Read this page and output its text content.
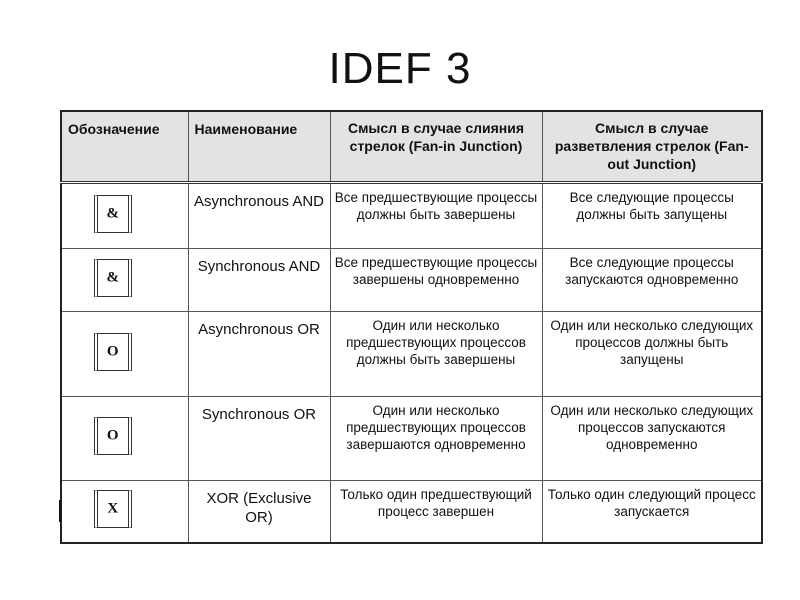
IDEF 3
Обозначение	Наименование	Смысл в случае слияния стрелок (Fan-in Junction)	Смысл в случае разветвления стрелок (Fan-out Junction)

&	Asynchronous AND	Все предшествующие процессы должны быть завершены	Все следующие процессы должны быть запущены

&	Synchronous AND	Все предшествующие процессы завершены одновременно	Все следующие процессы запускаются одновременно

O	Asynchronous OR	Один или несколько предшествующих процессов должны быть завершены	Один или несколько следующих процессов должны быть запущены

O	Synchronous OR	Один или несколько предшествующих процессов завершаются одновременно	Один или несколько следующих процессов запускаются одновременно

X	XOR (Exclusive OR)	Только один предшествующий процесс завершен	Только один следующий процесс запускается
